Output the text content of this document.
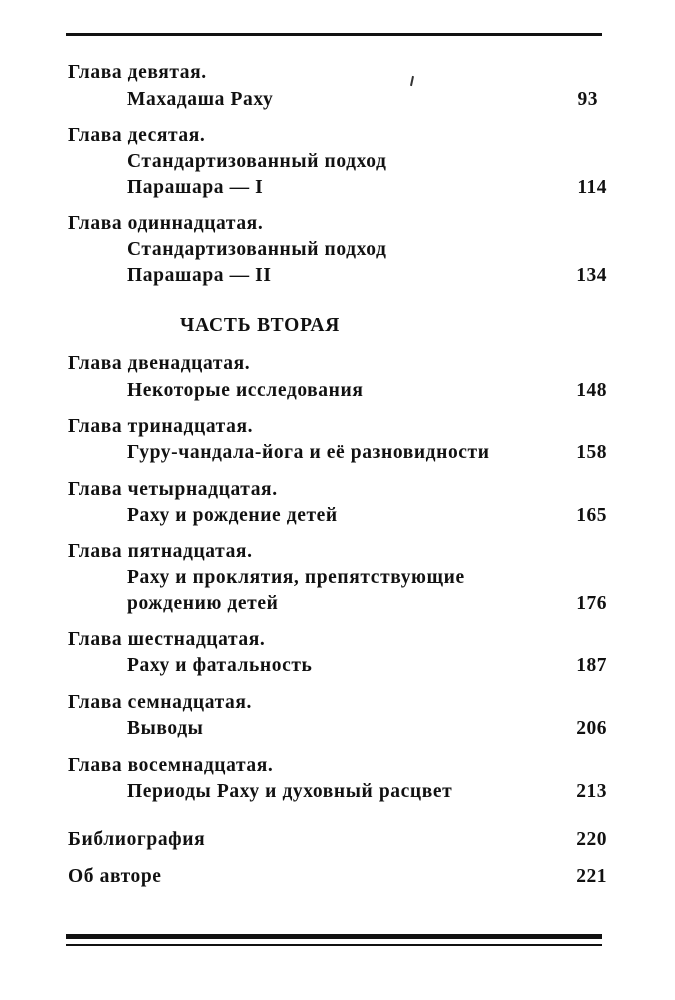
Глава девятая.
Махадаша Раху	93
Глава десятая.
Стандартизованный подход
Парашара — I	114
Глава одиннадцатая.
Стандартизованный подход
Парашара — II	134
ЧАСТЬ ВТОРАЯ
Глава двенадцатая.
Некоторые исследования	148
Глава тринадцатая.
Гуру-чандала-йога и её разновидности	158
Глава четырнадцатая.
Раху и рождение детей	165
Глава пятнадцатая.
Раху и проклятия, препятствующие
рождению детей	176
Глава шестнадцатая.
Раху и фатальность	187
Глава семнадцатая.
Выводы	206
Глава восемнадцатая.
Периоды Раху и духовный расцвет	213
Библиография	220
Об авторе	221
